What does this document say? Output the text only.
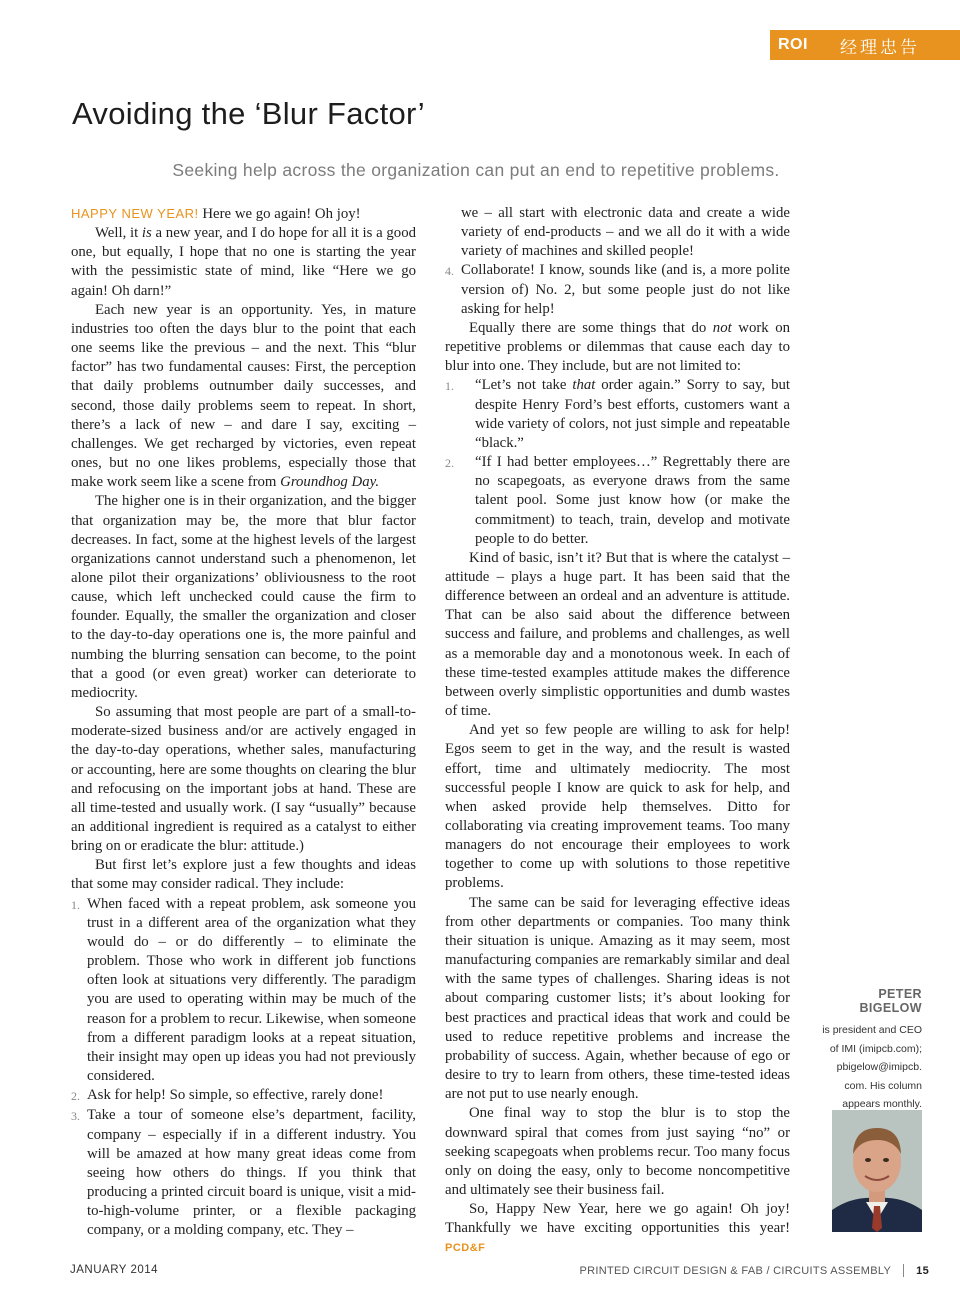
ROI 经理忠告
Avoiding the ‘Blur Factor’
Seeking help across the organization can put an end to repetitive problems.

HAPPY NEW YEAR! Here we go again! Oh joy!

Well, it is a new year, and I do hope for all it is a good one, but equally, I hope that no one is starting the year with the pessimistic state of mind, like “Here we go again! Oh darn!”

Each new year is an opportunity. Yes, in mature industries too often the days blur to the point that each one seems like the previous – and the next. This “blur factor” has two fundamental causes: First, the perception that daily problems outnumber daily successes, and second, those daily problems seem to repeat. In short, there’s a lack of new – and dare I say, exciting – challenges. We get recharged by victories, even repeat ones, but no one likes problems, especially those that make work seem like a scene from Groundhog Day.

The higher one is in their organization, and the bigger that organization may be, the more that blur factor decreases. In fact, some at the highest levels of the largest organizations cannot understand such a phenomenon, let alone pilot their organizations’ obliviousness to the root cause, which left unchecked could cause the firm to founder. Equally, the smaller the organization and closer to the day-to-day operations one is, the more painful and numbing the blurring sensation can become, to the point that a good (or even great) worker can deteriorate to mediocrity.

So assuming that most people are part of a small-to-moderate-sized business and/or are actively engaged in the day-to-day operations, whether sales, manufacturing or accounting, here are some thoughts on clearing the blur and refocusing on the important jobs at hand. These are all time-tested and usually work. (I say “usually” because an additional ingredient is required as a catalyst to either bring on or eradicate the blur: attitude.)

But first let’s explore just a few thoughts and ideas that some may consider radical. They include:

1. When faced with a repeat problem, ask someone you trust in a different area of the organization what they would do – or do differently – to eliminate the problem. Those who work in different job functions often look at situations very differently. The paradigm you are used to operating within may be much of the reason for a problem to recur. Likewise, when someone from a different paradigm looks at a repeat situation, their insight may open up ideas you had not previously considered.
2. Ask for help! So simple, so effective, rarely done!
3. Take a tour of someone else’s department, facility, company – especially if in a different industry. You will be amazed at how many great ideas come from seeing how others do things. If you think that producing a printed circuit board is unique, visit a mid-to-high-volume printer, or a flexible packaging company, or a molding company, etc. They –
we – all start with electronic data and create a wide variety of end-products – and we all do it with a wide variety of machines and skilled people!
4. Collaborate! I know, sounds like (and is, a more polite version of) No. 2, but some people just do not like asking for help!

Equally there are some things that do not work on repetitive problems or dilemmas that cause each day to blur into one. They include, but are not limited to:

1.	“Let’s not take that order again.” Sorry to say, but despite Henry Ford’s best efforts, customers want a wide variety of colors, not just simple and repeatable “black.”
2.	“If I had better employees…” Regrettably there are no scapegoats, as everyone draws from the same talent pool. Some just know how (or make the commitment) to teach, train, develop and motivate people to do better.

Kind of basic, isn’t it? But that is where the catalyst – attitude – plays a huge part. It has been said that the difference between an ordeal and an adventure is attitude. That can be also said about the difference between success and failure, and problems and challenges, as well as a memorable day and a monotonous week. In each of these time-tested examples attitude makes the difference between overly simplistic opportunities and dumb wastes of time.

And yet so few people are willing to ask for help! Egos seem to get in the way, and the result is wasted effort, time and ultimately mediocrity. The most successful people I know are quick to ask for help, and when asked provide help themselves. Ditto for collaborating via creating improvement teams. Too many managers do not encourage their employees to work together to come up with solutions to those repetitive problems.

The same can be said for leveraging effective ideas from other departments or companies. Too many think their situation is unique. Amazing as it may seem, most manufacturing companies are remarkably similar and deal with the same types of challenges. Sharing ideas is not about comparing customer lists; it’s about looking for best practices and practical ideas that work and could be used to reduce repetitive problems and increase the probability of success. Again, whether because of ego or desire to try to learn from others, these time-tested ideas are not put to use nearly enough.

One final way to stop the blur is to stop the downward spiral that comes from just saying “no” or seeking scapegoats when problems recur. Too many focus only on doing the easy, only to become noncompetitive and ultimately see their business fail.

So, Happy New Year, here we go again! Oh joy! Thankfully we have exciting opportunities this year! PCD&F

PETER BIGELOW
is president and CEO
of IMI (imipcb.com);
pbigelow@imipcb.
com. His column
appears monthly.
JANUARY 2014	PRINTED CIRCUIT DESIGN & FAB / CIRCUITS ASSEMBLY 15
